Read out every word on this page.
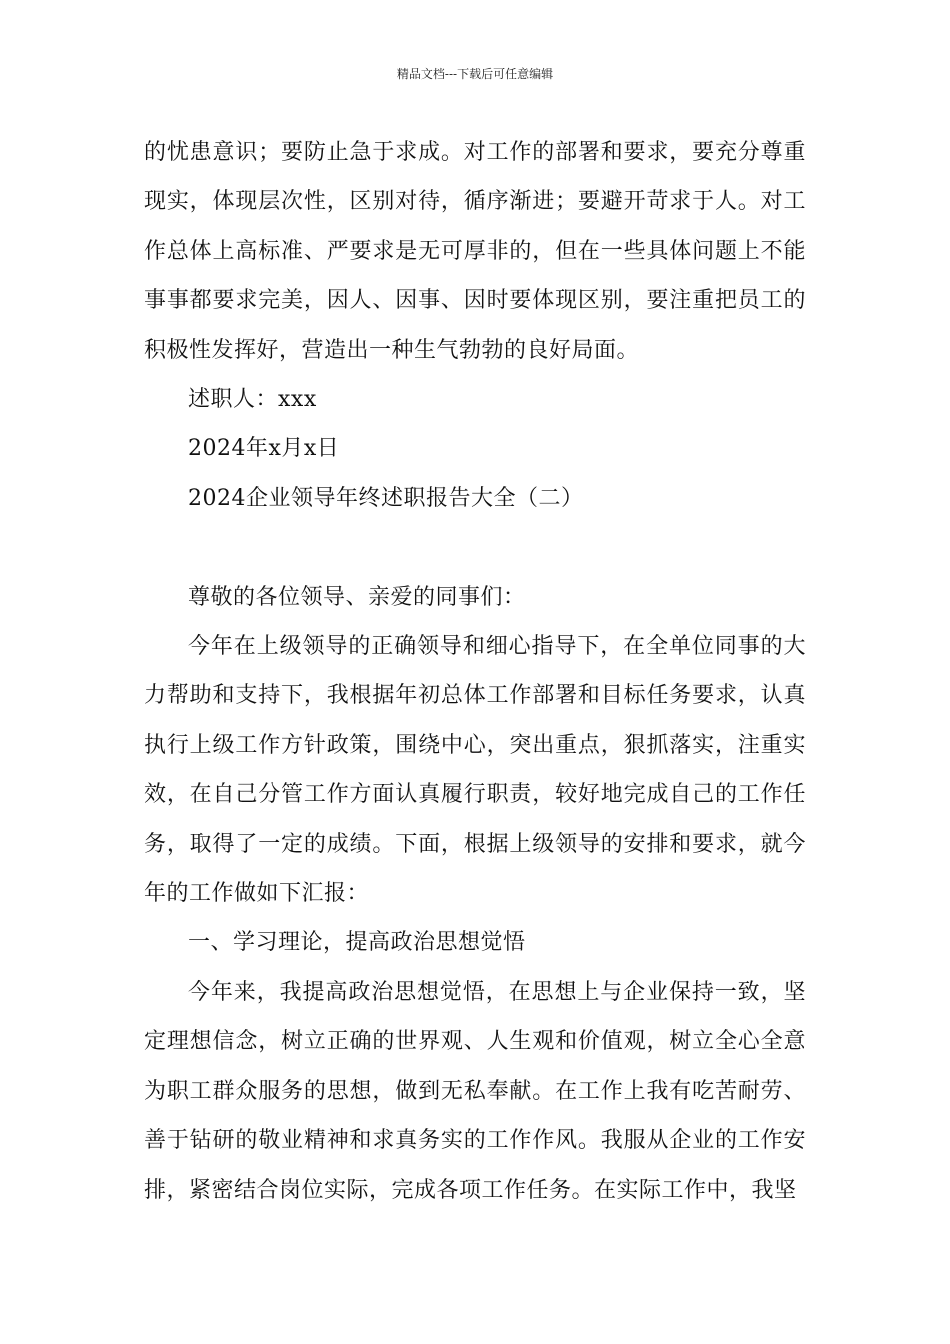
精品文档---下载后可任意编辑

的忧患意识；要防止急于求成。对工作的部署和要求，要充分尊重现实，体现层次性，区别对待，循序渐进；要避开苛求于人。对工作总体上高标准、严要求是无可厚非的，但在一些具体问题上不能事事都要求完美，因人、因事、因时要体现区别，要注重把员工的积极性发挥好，营造出一种生气勃勃的良好局面。

述职人：xxx

2024年x月x日

2024企业领导年终述职报告大全（二）

尊敬的各位领导、亲爱的同事们：

今年在上级领导的正确领导和细心指导下，在全单位同事的大力帮助和支持下，我根据年初总体工作部署和目标任务要求，认真执行上级工作方针政策，围绕中心，突出重点，狠抓落实，注重实效，在自己分管工作方面认真履行职责，较好地完成自己的工作任务，取得了一定的成绩。下面，根据上级领导的安排和要求，就今年的工作做如下汇报：

一、学习理论，提高政治思想觉悟

今年来，我提高政治思想觉悟，在思想上与企业保持一致，坚定理想信念，树立正确的世界观、人生观和价值观，树立全心全意为职工群众服务的思想，做到无私奉献。在工作上我有吃苦耐劳、善于钻研的敬业精神和求真务实的工作作风。我服从企业的工作安排，紧密结合岗位实际，完成各项工作任务。在实际工作中，我坚
